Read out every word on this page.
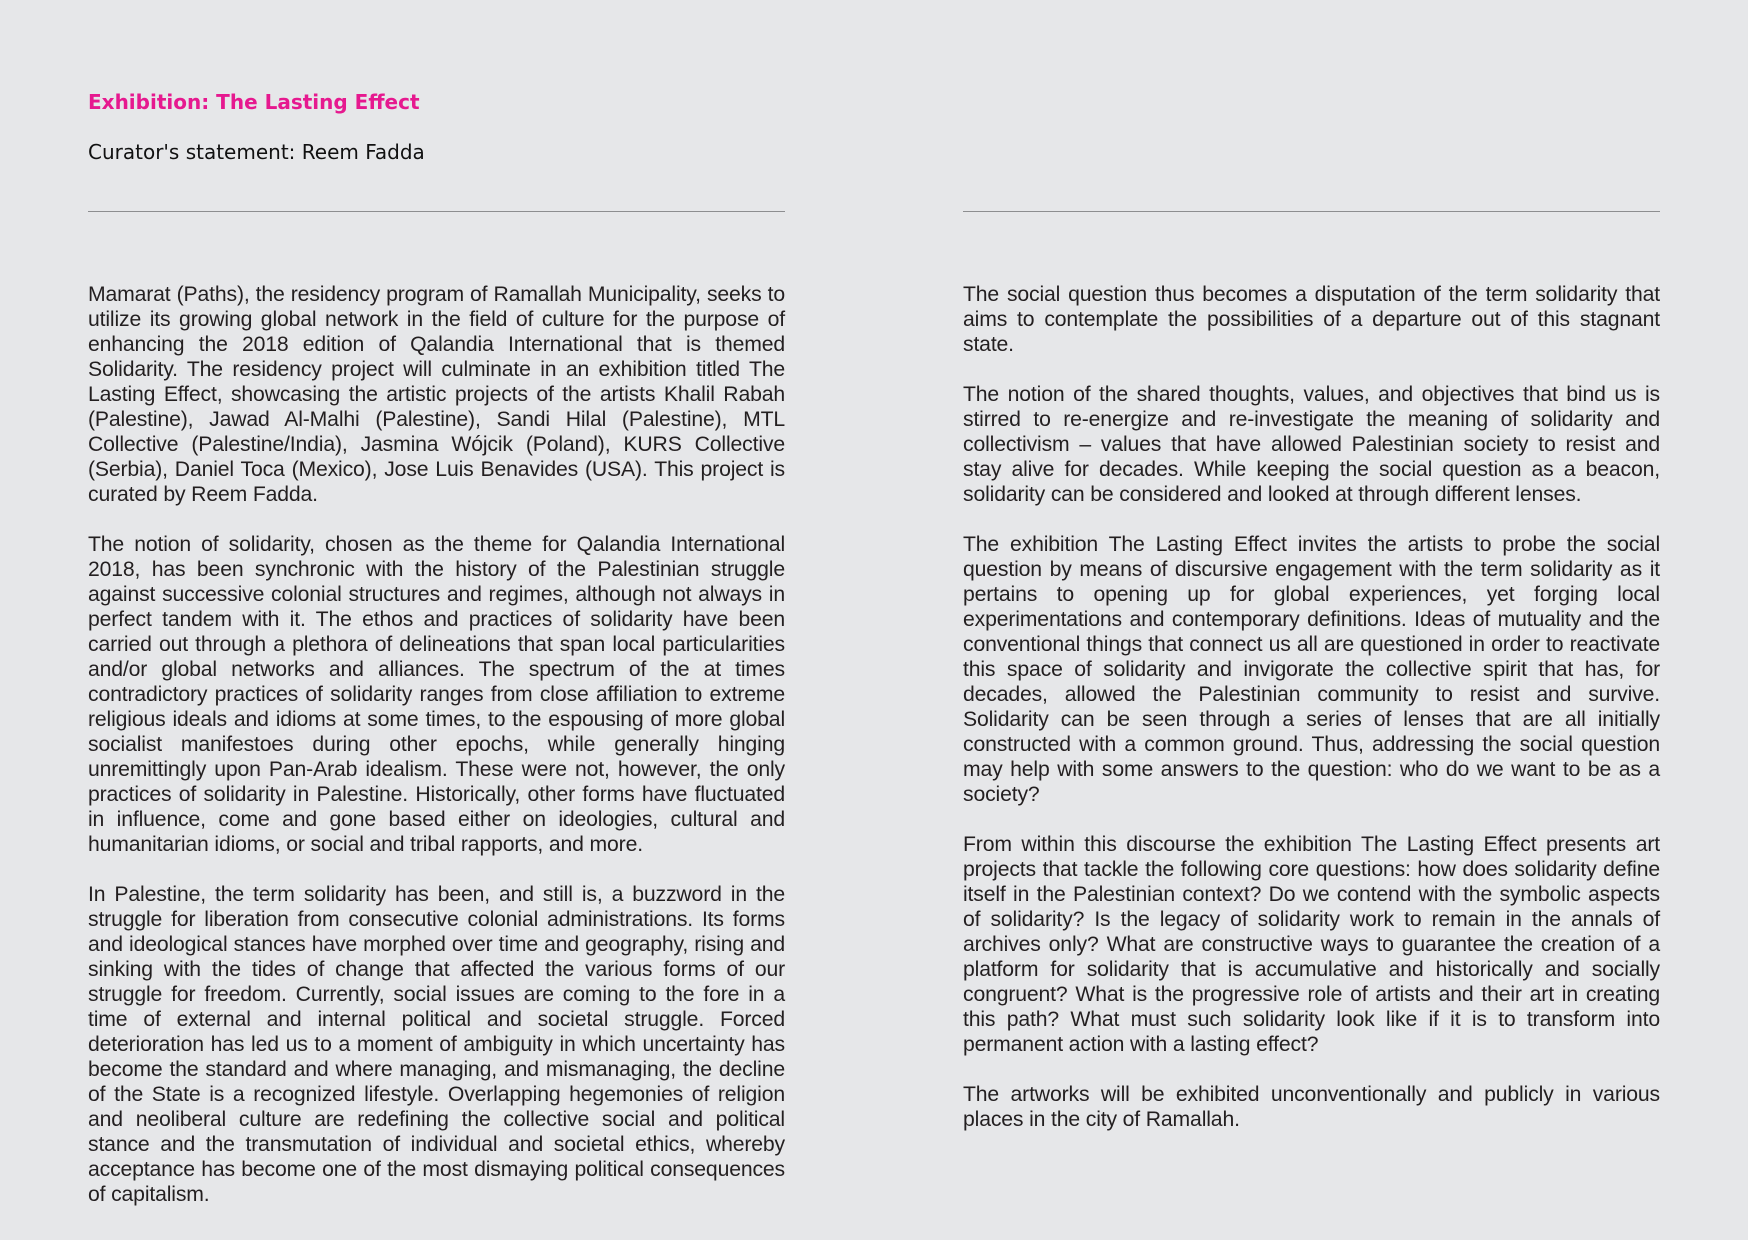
Exhibition: The Lasting Effect
Curator's statement: Reem Fadda

Mamarat (Paths), the residency program of Ramallah Municipality, seeks to utilize its growing global network in the field of culture for the purpose of enhancing the 2018 edition of Qalandia International that is themed Solidarity. The residency project will culminate in an exhibition titled The Lasting Effect, showcasing the artistic projects of the artists Khalil Rabah (Palestine), Jawad Al-Malhi (Palestine), Sandi Hilal (Palestine), MTL Collective (Palestine/India), Jasmina Wójcik (Poland), KURS Collective (Serbia), Daniel Toca (Mexico), Jose Luis Benavides (USA). This project is curated by Reem Fadda.

The notion of solidarity, chosen as the theme for Qalandia International 2018, has been synchronic with the history of the Palestinian struggle against successive colonial structures and regimes, although not always in perfect tandem with it. The ethos and practices of solidarity have been carried out through a plethora of delineations that span local particularities and/or global networks and alliances. The spectrum of the at times contradictory practices of solidarity ranges from close affiliation to extreme religious ideals and idioms at some times, to the espousing of more global socialist manifestoes during other epochs, while generally hinging unremittingly upon Pan-Arab idealism. These were not, however, the only practices of solidarity in Palestine. Historically, other forms have fluctuated in influence, come and gone based either on ideologies, cultural and humanitarian idioms, or social and tribal rapports, and more.

In Palestine, the term solidarity has been, and still is, a buzzword in the struggle for liberation from consecutive colonial administrations. Its forms and ideological stances have morphed over time and geography, rising and sinking with the tides of change that affected the various forms of our struggle for freedom. Currently, social issues are coming to the fore in a time of external and internal political and societal struggle. Forced deterioration has led us to a moment of ambiguity in which uncertainty has become the standard and where managing, and mismanaging, the decline of the State is a recognized lifestyle. Overlapping hegemonies of religion and neoliberal culture are redefining the collective social and political stance and the transmutation of individual and societal ethics, whereby acceptance has become one of the most dismaying political consequences of capitalism.

The social question thus becomes a disputation of the term solidarity that aims to contemplate the possibilities of a departure out of this stagnant state.

The notion of the shared thoughts, values, and objectives that bind us is stirred to re-energize and re-investigate the meaning of solidarity and collectivism – values that have allowed Palestinian society to resist and stay alive for decades. While keeping the social question as a beacon, solidarity can be considered and looked at through different lenses.

The exhibition The Lasting Effect invites the artists to probe the social question by means of discursive engagement with the term solidarity as it pertains to opening up for global experiences, yet forging local experimentations and contemporary definitions. Ideas of mutuality and the conventional things that connect us all are questioned in order to reactivate this space of solidarity and invigorate the collective spirit that has, for decades, allowed the Palestinian community to resist and survive. Solidarity can be seen through a series of lenses that are all initially constructed with a common ground. Thus, addressing the social question may help with some answers to the question: who do we want to be as a society?

From within this discourse the exhibition The Lasting Effect presents art projects that tackle the following core questions: how does solidarity define itself in the Palestinian context? Do we contend with the symbolic aspects of solidarity? Is the legacy of solidarity work to remain in the annals of archives only? What are constructive ways to guarantee the creation of a platform for solidarity that is accumulative and historically and socially congruent? What is the progressive role of artists and their art in creating this path? What must such solidarity look like if it is to transform into permanent action with a lasting effect?

The artworks will be exhibited unconventionally and publicly in various places in the city of Ramallah.
